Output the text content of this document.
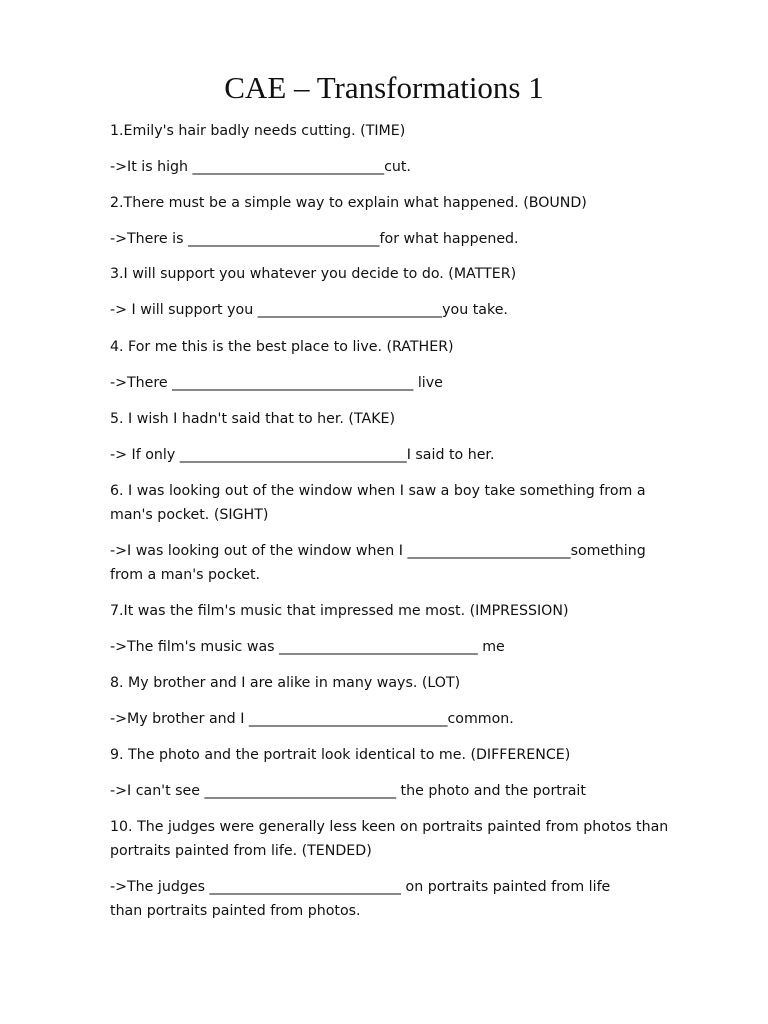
CAE – Transformations 1
1.Emily's hair badly needs cutting. (TIME)
->It is high ___________________________cut.
2.There must be a simple way to explain what happened. (BOUND)
->There is ___________________________for what happened.
3.I will support you whatever you decide to do. (MATTER)
-> I will support you __________________________you take.
4. For me this is the best place to live. (RATHER)
->There __________________________________ live
5. I wish I hadn't said that to her. (TAKE)
-> If only ________________________________I said to her.
6. I was looking out of the window when I saw a boy take something from a
man's pocket. (SIGHT)
->I was looking out of the window when I _______________________something
from a man's pocket.
7.It was the film's music that impressed me most. (IMPRESSION)
->The film's music was ____________________________ me
8. My brother and I are alike in many ways. (LOT)
->My brother and I ____________________________common.
9. The photo and the portrait look identical to me. (DIFFERENCE)
->I can't see ___________________________ the photo and the portrait
10. The judges were generally less keen on portraits painted from photos than
portraits painted from life. (TENDED)
->The judges ___________________________ on portraits painted from life
than portraits painted from photos.
